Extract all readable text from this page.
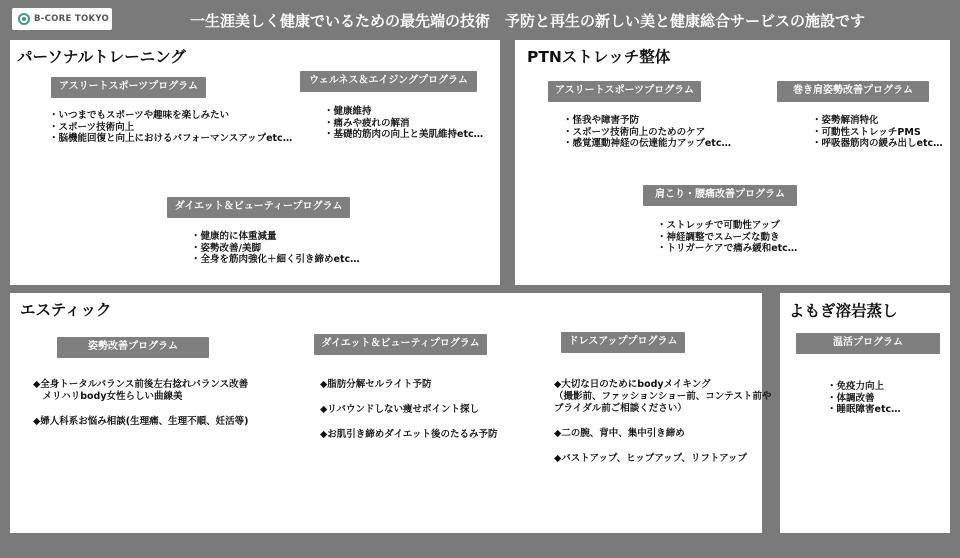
B-CORE TOKYO	一生涯美しく健康でいるための最先端の技術　予防と再生の新しい美と健康総合サービスの施設です
パーソナルトレーニング
アスリートスポーツプログラム
・いつまでもスポーツや趣味を楽しみたい
・スポーツ技術向上
・脳機能回復と向上におけるパフォーマンスアップetc…
ウェルネス＆エイジングプログラム
・健康維持
・痛みや疲れの解消
・基礎的筋肉の向上と美肌維持etc…
ダイエット＆ビューティープログラム
・健康的に体重減量
・姿勢改善/美脚
・全身を筋肉強化＋細く引き締めetc…
PTNストレッチ整体
アスリートスポーツプログラム
・怪我や障害予防
・スポーツ技術向上のためのケア
・感覚運動神経の伝達能力アップetc…
巻き肩姿勢改善プログラム
・姿勢解消特化
・可動性ストレッチPMS
・呼吸器筋肉の緩み出しetc…
肩こり・腰痛改善プログラム
・ストレッチで可動性アップ
・神経調整でスムーズな動き
・トリガーケアで痛み緩和etc…
エスティック
姿勢改善プログラム
◆全身トータルバランス前後左右捻れバランス改善
　メリハリbody女性らしい曲線美
◆婦人科系お悩み相談(生理痛、生理不順、妊活等)
ダイエット＆ビューティプログラム
◆脂肪分解セルライト予防
◆リバウンドしない痩せポイント探し
◆お肌引き締めダイエット後のたるみ予防
ドレスアッププログラム
◆大切な日のためにbodyメイキング
（撮影前、ファッションショー前、コンテスト前や
ブライダル前ご相談ください）
◆二の腕、背中、集中引き締め
◆バストアップ、ヒップアップ、リフトアップ
よもぎ溶岩蒸し
温活プログラム
・免疫力向上
・体調改善
・睡眠障害etc…
